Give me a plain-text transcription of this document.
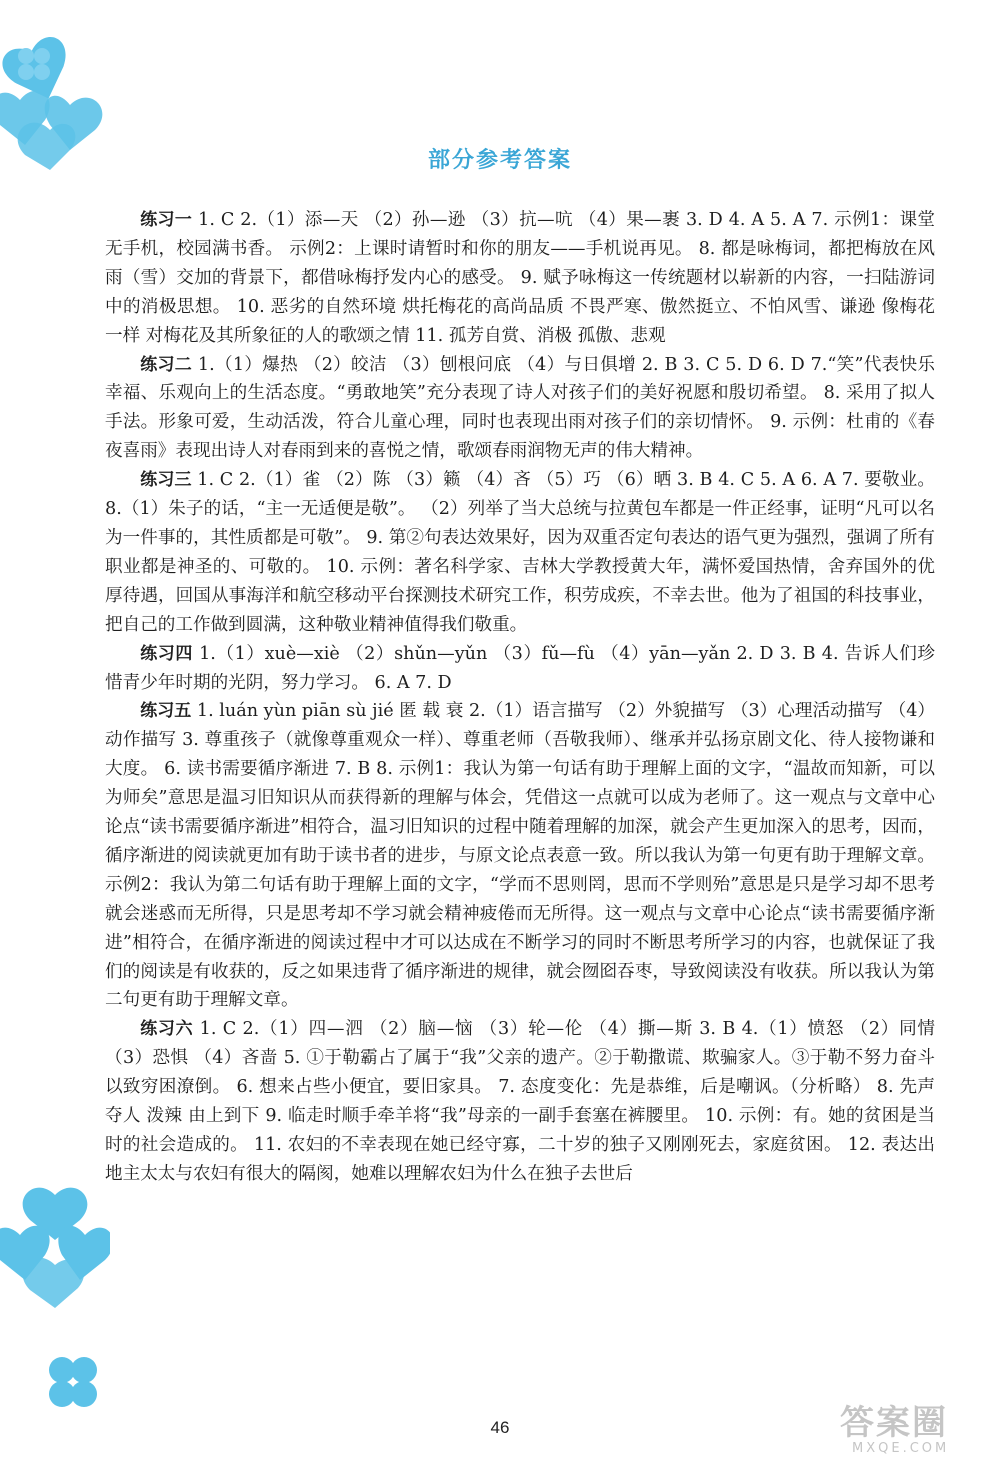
部分参考答案

练习一 1. C 2.（1）添—天 （2）孙—逊 （3）抗—吭 （4）果—裹 3. D 4. A 5. A 7. 示例1：课堂无手机，校园满书香。 示例2：上课时请暂时和你的朋友——手机说再见。 8. 都是咏梅词，都把梅放在风雨（雪）交加的背景下，都借咏梅抒发内心的感受。 9. 赋予咏梅这一传统题材以崭新的内容，一扫陆游词中的消极思想。 10. 恶劣的自然环境 烘托梅花的高尚品质 不畏严寒、傲然挺立、不怕风雪、谦逊 像梅花一样 对梅花及其所象征的人的歌颂之情 11. 孤芳自赏、消极 孤傲、悲观

练习二 1.（1）爆热 （2）皎洁 （3）刨根问底 （4）与日俱增 2. B 3. C 5. D 6. D 7.“笑”代表快乐幸福、乐观向上的生活态度。“勇敢地笑”充分表现了诗人对孩子们的美好祝愿和殷切希望。 8. 采用了拟人手法。形象可爱，生动活泼，符合儿童心理，同时也表现出雨对孩子们的亲切情怀。 9. 示例：杜甫的《春夜喜雨》表现出诗人对春雨到来的喜悦之情，歌颂春雨润物无声的伟大精神。

练习三 1. C 2.（1）雀 （2）陈 （3）籁 （4）吝 （5）巧 （6）晒 3. B 4. C 5. A 6. A 7. 要敬业。 8.（1）朱子的话，“主一无适便是敬”。 （2）列举了当大总统与拉黄包车都是一件正经事，证明“凡可以名为一件事的，其性质都是可敬”。 9. 第②句表达效果好，因为双重否定句表达的语气更为强烈，强调了所有职业都是神圣的、可敬的。 10. 示例：著名科学家、吉林大学教授黄大年，满怀爱国热情，舍弃国外的优厚待遇，回国从事海洋和航空移动平台探测技术研究工作，积劳成疾，不幸去世。他为了祖国的科技事业，把自己的工作做到圆满，这种敬业精神值得我们敬重。

练习四 1.（1）xuè—xiè （2）shǔn—yǔn （3）fǔ—fù （4）yān—yǎn 2. D 3. B 4. 告诉人们珍惜青少年时期的光阴，努力学习。 6. A 7. D

练习五 1. luán yùn piān sù jié 匿 载 衰 2.（1）语言描写 （2）外貌描写 （3）心理活动描写 （4）动作描写 3. 尊重孩子（就像尊重观众一样）、尊重老师（吾敬我师）、继承并弘扬京剧文化、待人接物谦和大度。 6. 读书需要循序渐进 7. B 8. 示例1：我认为第一句话有助于理解上面的文字，“温故而知新，可以为师矣”意思是温习旧知识从而获得新的理解与体会，凭借这一点就可以成为老师了。这一观点与文章中心论点“读书需要循序渐进”相符合，温习旧知识的过程中随着理解的加深，就会产生更加深入的思考，因而，循序渐进的阅读就更加有助于读书者的进步，与原文论点表意一致。所以我认为第一句更有助于理解文章。 示例2：我认为第二句话有助于理解上面的文字，“学而不思则罔，思而不学则殆”意思是只是学习却不思考就会迷惑而无所得，只是思考却不学习就会精神疲倦而无所得。这一观点与文章中心论点“读书需要循序渐进”相符合，在循序渐进的阅读过程中才可以达成在不断学习的同时不断思考所学习的内容，也就保证了我们的阅读是有收获的，反之如果违背了循序渐进的规律，就会囫囵吞枣，导致阅读没有收获。所以我认为第二句更有助于理解文章。

练习六 1. C 2.（1）四—泗 （2）脑—恼 （3）轮—伦 （4）撕—斯 3. B 4.（1）愤怒 （2）同情 （3）恐惧 （4）吝啬 5. ①于勒霸占了属于“我”父亲的遗产。②于勒撒谎、欺骗家人。③于勒不努力奋斗以致穷困潦倒。 6. 想来占些小便宜，要旧家具。 7. 态度变化：先是恭维，后是嘲讽。（分析略） 8. 先声夺人 泼辣 由上到下 9. 临走时顺手牵羊将“我”母亲的一副手套塞在裤腰里。 10. 示例：有。她的贫困是当时的社会造成的。 11. 农妇的不幸表现在她已经守寡，二十岁的独子又刚刚死去，家庭贫困。 12. 表达出地主太太与农妇有很大的隔阂，她难以理解农妇为什么在独子去世后

46	答案圈
MXQE.COM
